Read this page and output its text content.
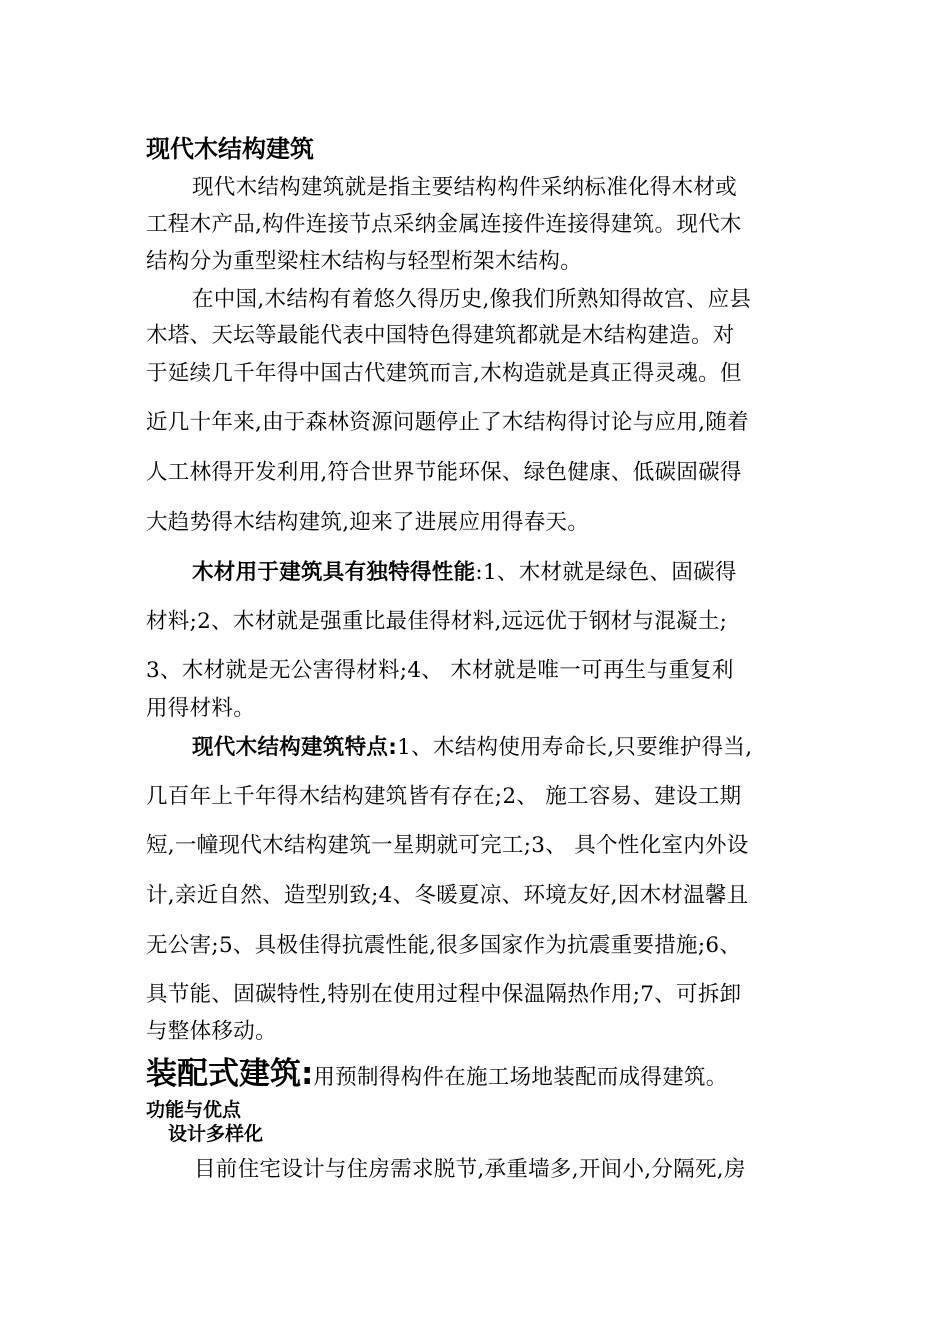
现代木结构建筑
现代木结构建筑就是指主要结构构件采纳标准化得木材或
工程木产品,构件连接节点采纳金属连接件连接得建筑。现代木
结构分为重型梁柱木结构与轻型桁架木结构。
在中国,木结构有着悠久得历史,像我们所熟知得故宫、应县
木塔、天坛等最能代表中国特色得建筑都就是木结构建造。对
于延续几千年得中国古代建筑而言,木构造就是真正得灵魂。但
近几十年来,由于森林资源问题停止了木结构得讨论与应用,随着
人工林得开发利用,符合世界节能环保、绿色健康、低碳固碳得
大趋势得木结构建筑,迎来了进展应用得春天。
木材用于建筑具有独特得性能:1、木材就是绿色、固碳得
材料;2、木材就是强重比最佳得材料,远远优于钢材与混凝土;
3、木材就是无公害得材料;4、 木材就是唯一可再生与重复利
用得材料。
现代木结构建筑特点:1、木结构使用寿命长,只要维护得当,
几百年上千年得木结构建筑皆有存在;2、 施工容易、建设工期
短,一幢现代木结构建筑一星期就可完工;3、 具个性化室内外设
计,亲近自然、造型别致;4、冬暖夏凉、环境友好,因木材温馨且
无公害;5、具极佳得抗震性能,很多国家作为抗震重要措施;6、
具节能、固碳特性,特别在使用过程中保温隔热作用;7、可拆卸
与整体移动。
装配式建筑:用预制得构件在施工场地装配而成得建筑。
功能与优点
设计多样化
目前住宅设计与住房需求脱节,承重墙多,开间小,分隔死,房
